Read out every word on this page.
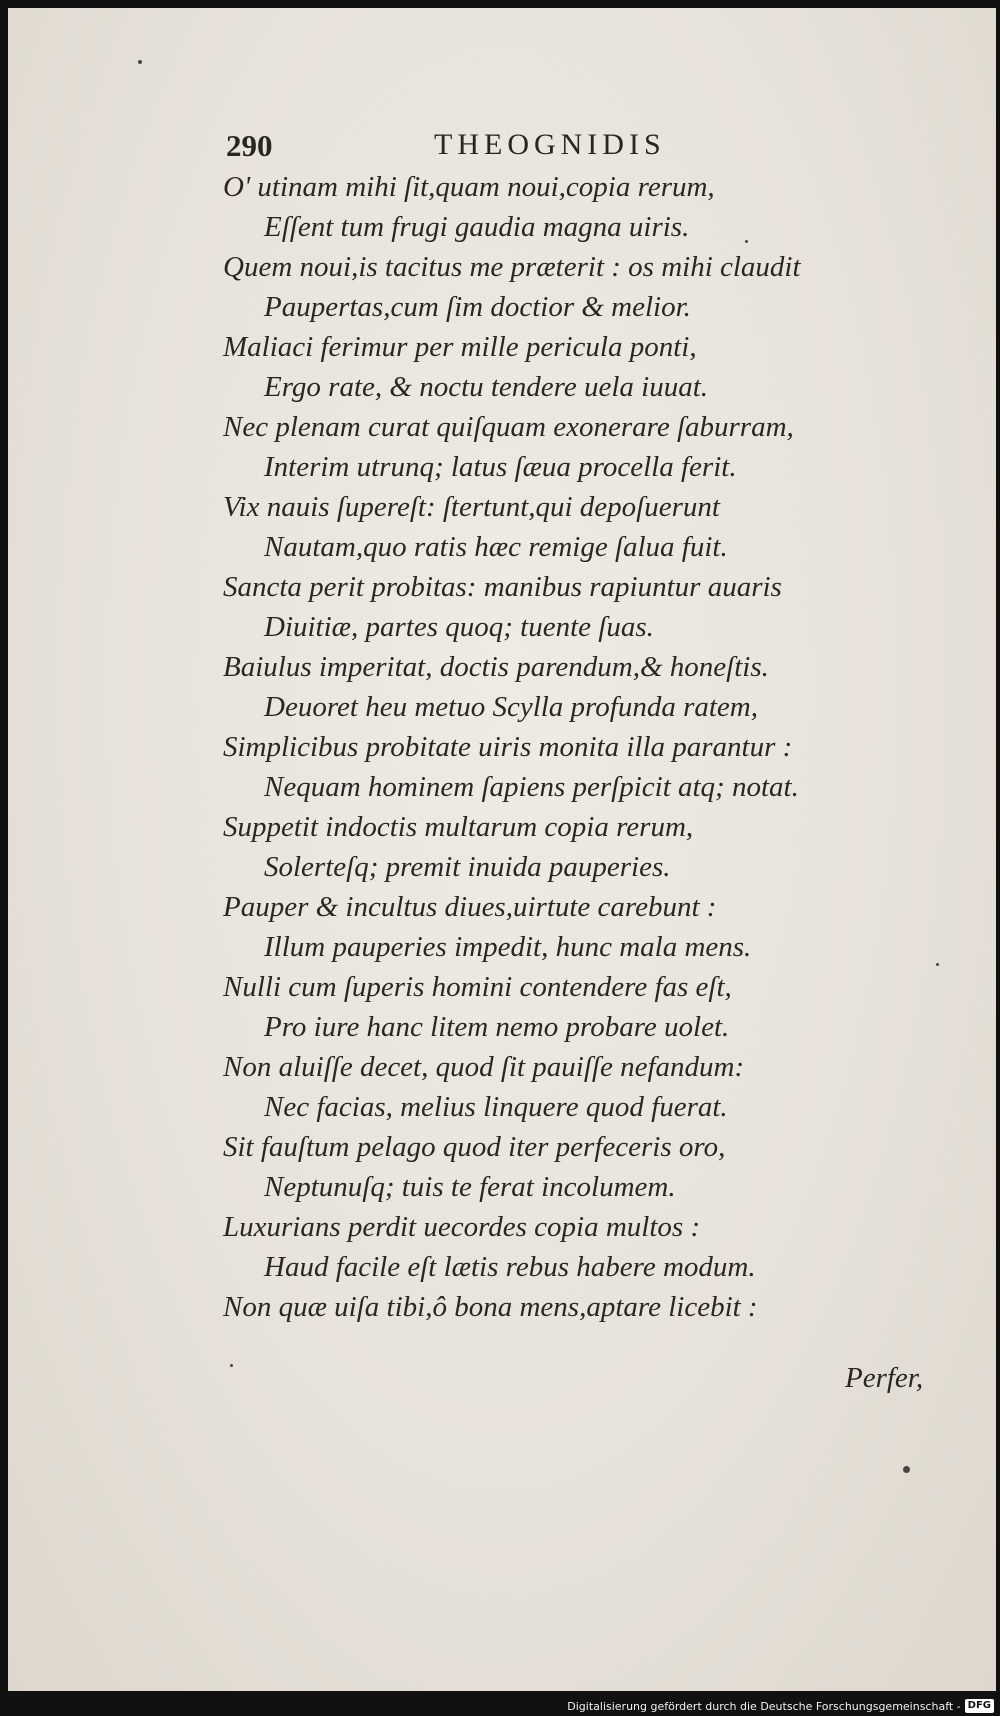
290	THEOGNIDIS
O' utinam mihi ſit,quam noui,copia rerum,
Eſſent tum frugi gaudia magna uiris.
Quem noui,is tacitus me præterit : os mihi claudit
Paupertas,cum ſim doctior & melior.
Maliaci ferimur per mille pericula ponti,
Ergo rate, & noctu tendere uela iuuat.
Nec plenam curat quiſquam exonerare ſaburram,
Interim utrunq; latus ſæua procella ferit.
Vix nauis ſupereſt: ſtertunt,qui depoſuerunt
Nautam,quo ratis hæc remige ſalua fuit.
Sancta perit probitas: manibus rapiuntur auaris
Diuitiæ, partes quoq; tuente ſuas.
Baiulus imperitat, doctis parendum,& honeſtis.
Deuoret heu metuo Scylla profunda ratem,
Simplicibus probitate uiris monita illa parantur :
Nequam hominem ſapiens perſpicit atq; notat.
Suppetit indoctis multarum copia rerum,
Solerteſq; premit inuida pauperies.
Pauper & incultus diues,uirtute carebunt :
Illum pauperies impedit, hunc mala mens.
Nulli cum ſuperis homini contendere fas eſt,
Pro iure hanc litem nemo probare uolet.
Non aluiſſe decet, quod ſit pauiſſe nefandum:
Nec facias, melius linquere quod fuerat.
Sit fauſtum pelago quod iter perfeceris oro,
Neptunuſq; tuis te ferat incolumem.
Luxurians perdit uecordes copia multos :
Haud facile eſt lætis rebus habere modum.
Non quæ uiſa tibi,ô bona mens,aptare licebit :
Perfer,
Digitalisierung gefördert durch die Deutsche Forschungsgemeinschaft - DFG
